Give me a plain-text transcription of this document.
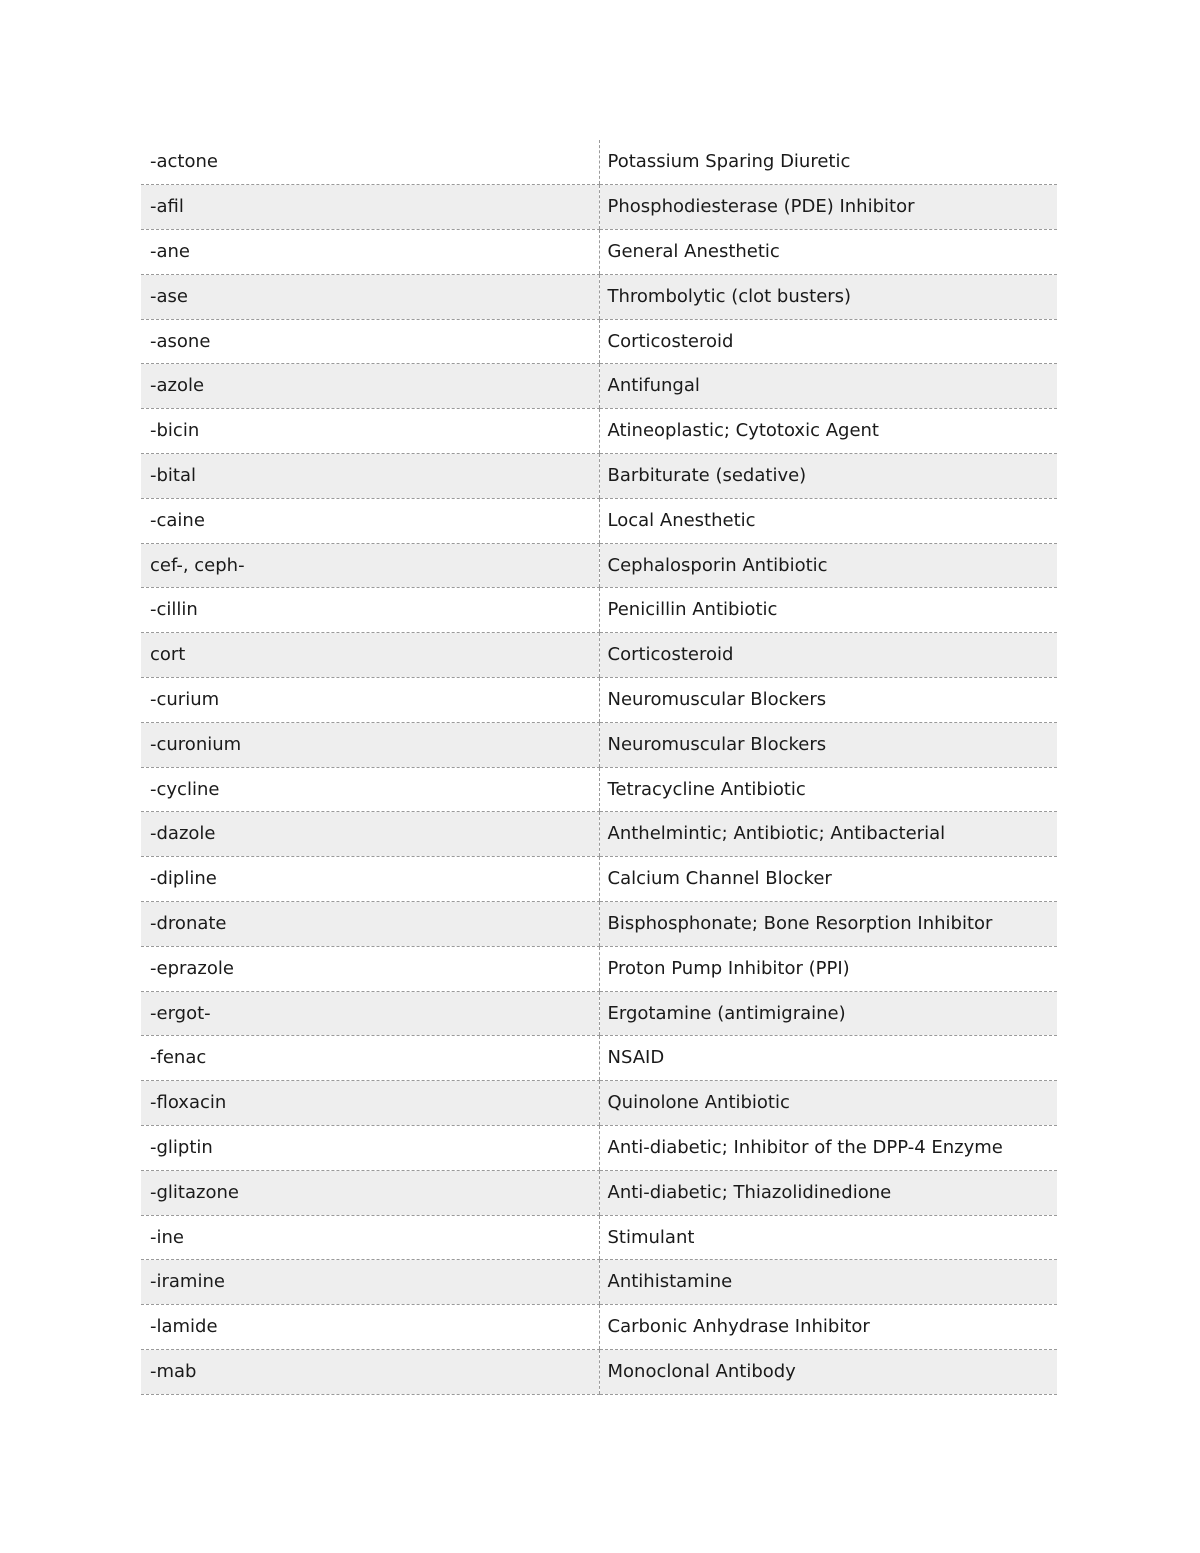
-actone	Potassium Sparing Diuretic
-afil	Phosphodiesterase (PDE) Inhibitor
-ane	General Anesthetic
-ase	Thrombolytic (clot busters)
-asone	Corticosteroid
-azole	Antifungal
-bicin	Atineoplastic; Cytotoxic Agent
-bital	Barbiturate (sedative)
-caine	Local Anesthetic
cef-, ceph-	Cephalosporin Antibiotic
-cillin	Penicillin Antibiotic
cort	Corticosteroid
-curium	Neuromuscular Blockers
-curonium	Neuromuscular Blockers
-cycline	Tetracycline Antibiotic
-dazole	Anthelmintic; Antibiotic; Antibacterial
-dipline	Calcium Channel Blocker
-dronate	Bisphosphonate; Bone Resorption Inhibitor
-eprazole	Proton Pump Inhibitor (PPI)
-ergot-	Ergotamine (antimigraine)
-fenac	NSAID
-floxacin	Quinolone Antibiotic
-gliptin	Anti-diabetic; Inhibitor of the DPP-4 Enzyme
-glitazone	Anti-diabetic; Thiazolidinedione
-ine	Stimulant
-iramine	Antihistamine
-lamide	Carbonic Anhydrase Inhibitor
-mab	Monoclonal Antibody
